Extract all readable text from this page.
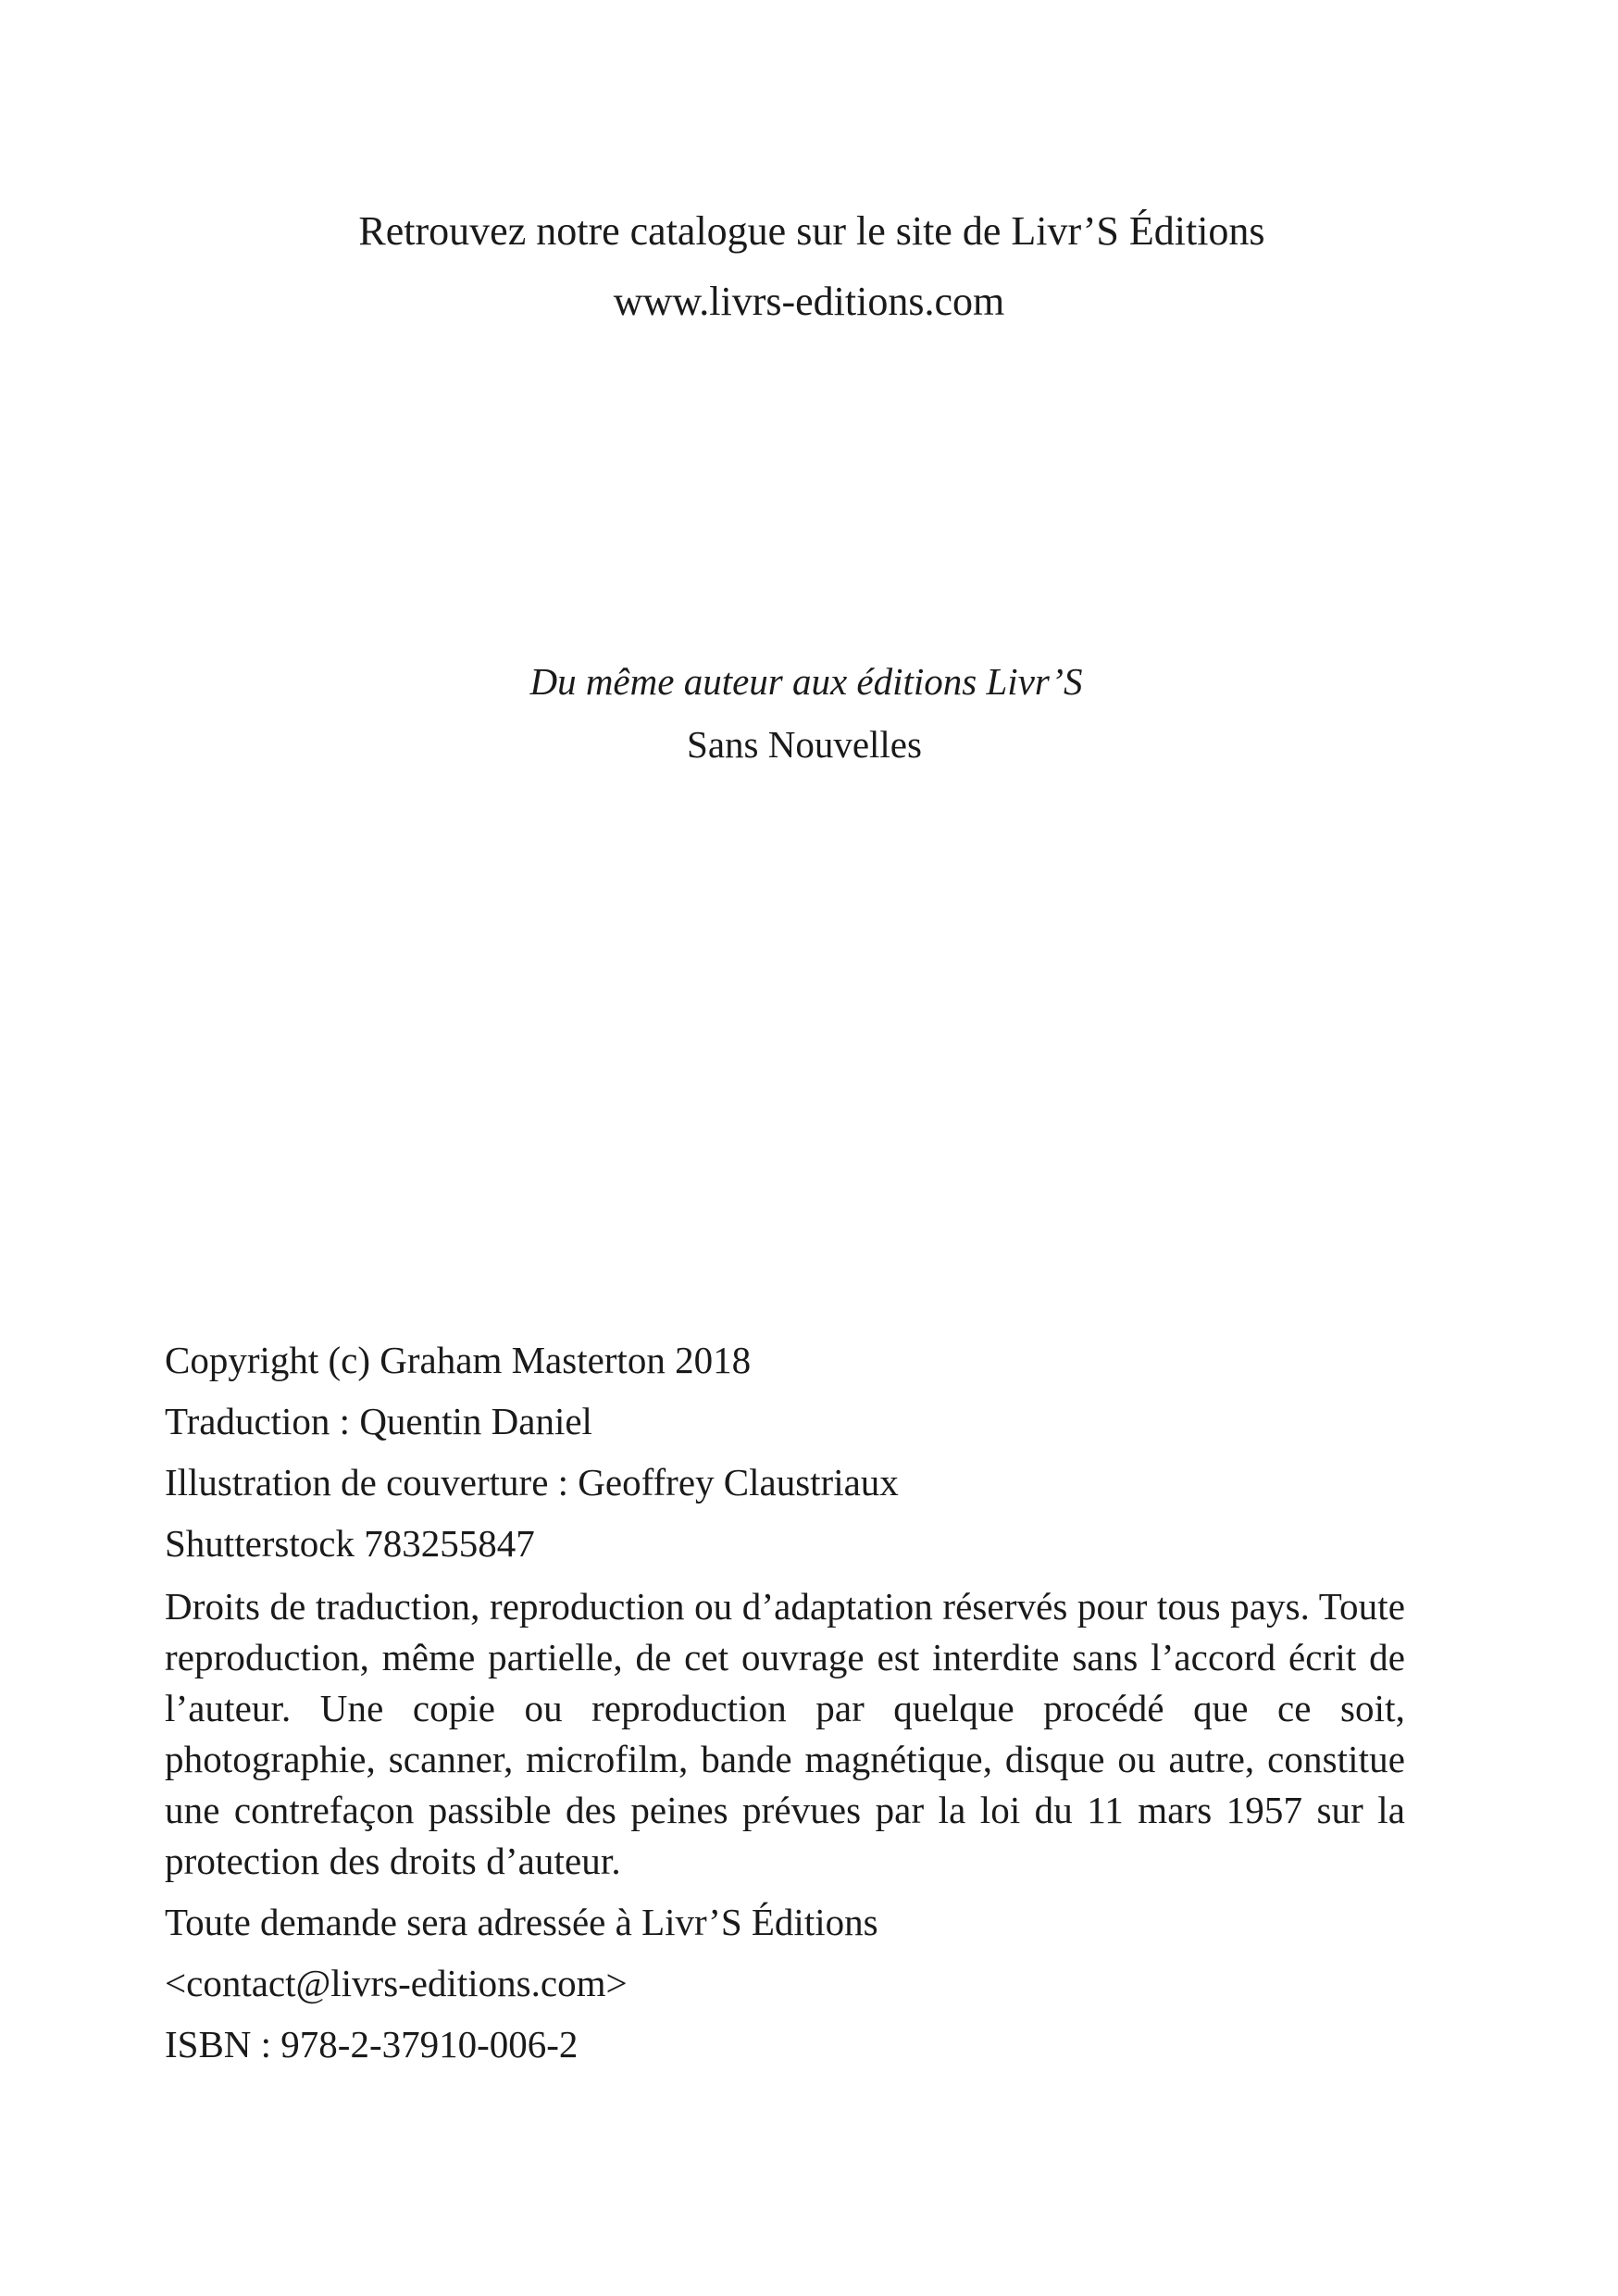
Retrouvez notre catalogue sur le site de Livr’S Éditions
www.livrs-editions.com
Du même auteur aux éditions Livr’S
Sans Nouvelles
Copyright (c) Graham Masterton 2018
Traduction : Quentin Daniel
Illustration de couverture : Geoffrey Claustriaux
Shutterstock 783255847
Droits de traduction, reproduction ou d’adaptation réservés pour tous pays. Toute reproduction, même partielle, de cet ouvrage est interdite sans l’accord écrit de l’auteur. Une copie ou reproduction par quelque procédé que ce soit, photographie, scanner, microfilm, bande magnétique, disque ou autre, constitue une contrefaçon passible des peines prévues par la loi du 11 mars 1957 sur la protection des droits d’auteur.
Toute demande sera adressée à Livr’S Éditions
<contact@livrs-editions.com>
ISBN : 978-2-37910-006-2
